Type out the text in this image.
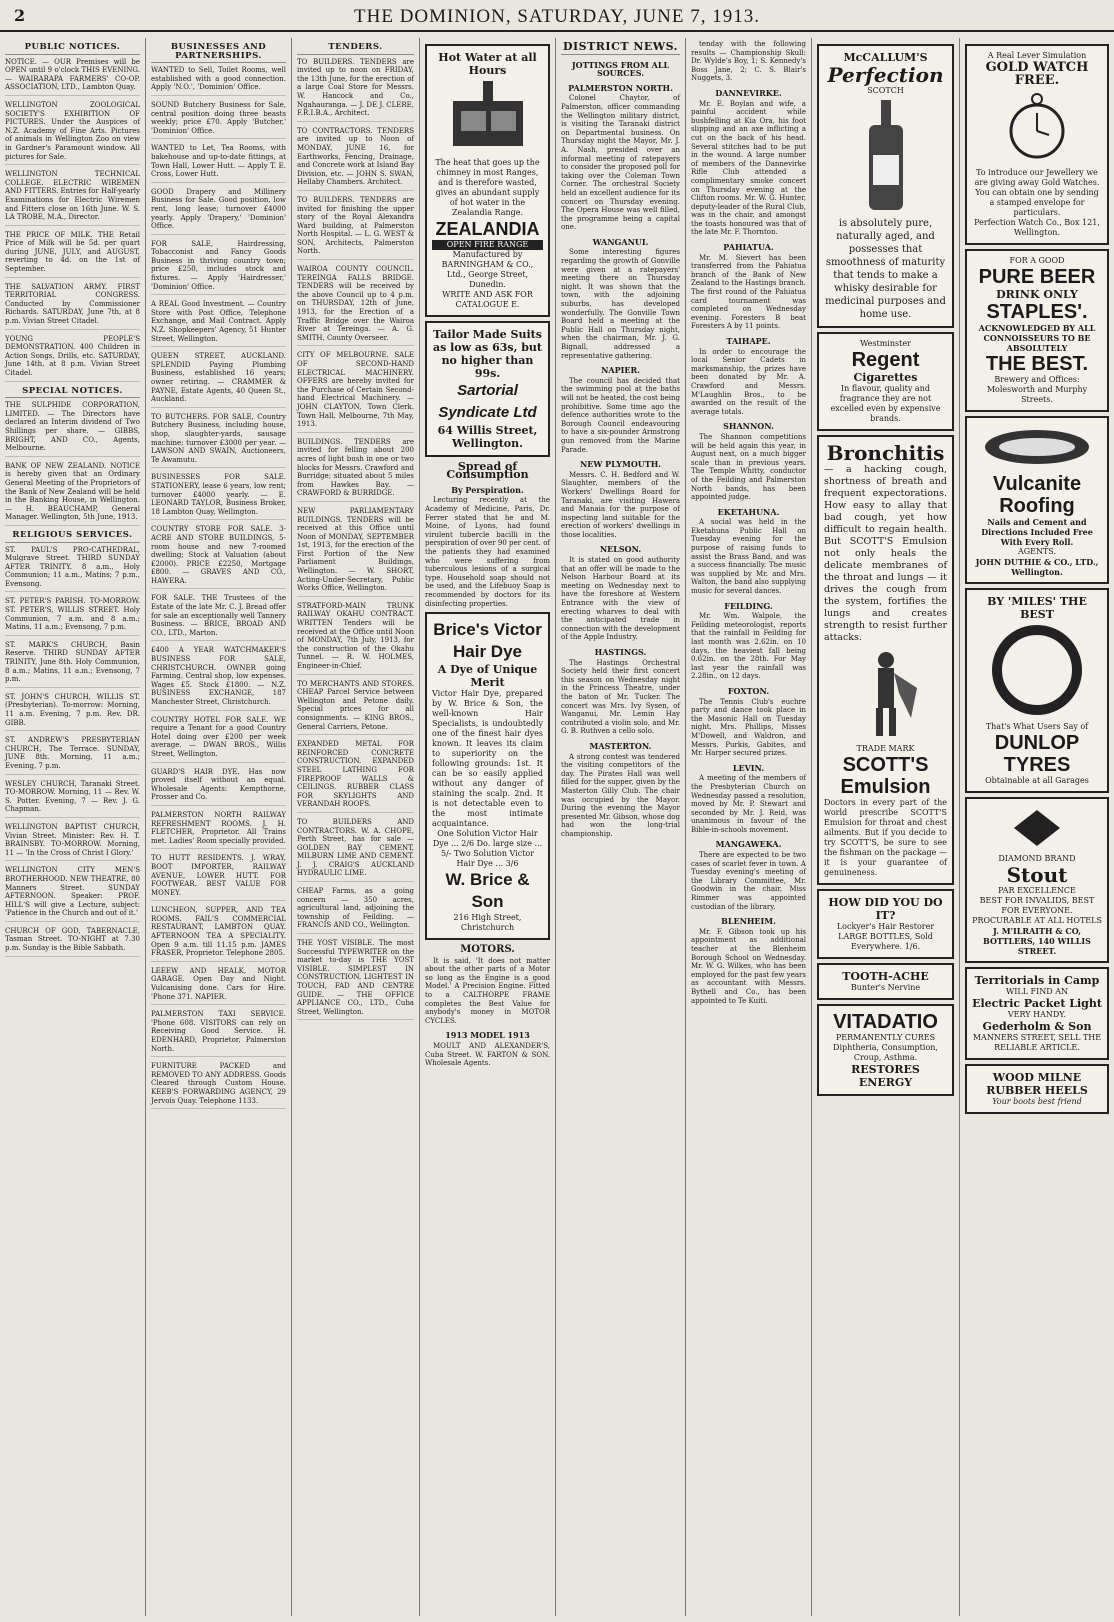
2	THE DOMINION, SATURDAY, JUNE 7, 1913.
PUBLIC NOTICES.
NOTICE. — OUR Premises will be OPEN until 9 o'clock THIS EVENING. — WAIRARAPA FARMERS' CO-OP. ASSOCIATION, LTD., Lambton Quay.
WELLINGTON ZOOLOGICAL SOCIETY'S EXHIBITION OF PICTURES. Under the Auspices of N.Z. Academy of Fine Arts. Pictures of animals in Wellington Zoo on view in Gardner's Paramount window. All pictures for Sale.
WELLINGTON TECHNICAL COLLEGE. ELECTRIC WIREMEN AND FITTERS. Entries for Half-yearly Examinations for Electric Wiremen and Fitters close on 16th June. W. S. LA TROBE, M.A., Director.
THE PRICE OF MILK. THE Retail Price of Milk will be 5d. per quart during JUNE, JULY, and AUGUST, reverting to 4d. on the 1st of September.
THE SALVATION ARMY. FIRST TERRITORIAL CONGRESS. Conducted by Commissioner Richards. SATURDAY, June 7th, at 8 p.m. Vivian Street Citadel.
YOUNG PEOPLE'S DEMONSTRATION. 400 Children in Action Songs, Drills, etc. SATURDAY, June 14th, at 8 p.m. Vivian Street Citadel.
SPECIAL NOTICES.
THE SULPHIDE CORPORATION, LIMITED. — The Directors have declared an Interim dividend of Two Shillings per share. — GIBBS, BRIGHT, AND CO., Agents, Melbourne.
BANK OF NEW ZEALAND. NOTICE is hereby given that an Ordinary General Meeting of the Proprietors of the Bank of New Zealand will be held in the Banking House, in Wellington. — H. BEAUCHAMP, General Manager. Wellington, 5th June, 1913.
RELIGIOUS SERVICES.
ST. PAUL'S PRO-CATHEDRAL, Mulgrave Street. THIRD SUNDAY AFTER TRINITY. 8 a.m., Holy Communion; 11 a.m., Matins; 7 p.m., Evensong.
ST. PETER'S PARISH. TO-MORROW. ST. PETER'S, WILLIS STREET. Holy Communion, 7 a.m. and 8 a.m.; Matins, 11 a.m.; Evensong, 7 p.m.
ST. MARK'S CHURCH, Basin Reserve. THIRD SUNDAY AFTER TRINITY, June 8th. Holy Communion, 8 a.m.; Matins, 11 a.m.; Evensong, 7 p.m.
ST. JOHN'S CHURCH, WILLIS ST. (Presbyterian). To-morrow: Morning, 11 a.m. Evening, 7 p.m. Rev. DR. GIBB.
ST. ANDREW'S PRESBYTERIAN CHURCH, The Terrace. SUNDAY, JUNE 8th. Morning, 11 a.m.; Evening, 7 p.m.
WESLEY CHURCH, Taranaki Street. TO-MORROW. Morning, 11 — Rev. W. S. Potter. Evening, 7 — Rev. J. G. Chapman.
WELLINGTON BAPTIST CHURCH, Vivian Street. Minister: Rev. H. T. BRAINSBY. TO-MORROW. Morning, 11 — 'In the Cross of Christ I Glory.'
WELLINGTON CITY MEN'S BROTHERHOOD. NEW THEATRE, 80 Manners Street. SUNDAY AFTERNOON. Speaker: PROF. HILL'S will give a Lecture, subject: 'Patience in the Church and out of it.'
CHURCH OF GOD, TABERNACLE, Tasman Street. TO-NIGHT at 7.30 p.m. Sunday is the Bible Sabbath.
BUSINESSES AND PARTNERSHIPS.
WANTED to Sell, Toilet Rooms, well established with a good connection. Apply 'N.O.', 'Dominion' Office.
SOUND Butchery Business for Sale, central position doing three beasts weekly; price £70. Apply 'Butcher,' 'Dominion' Office.
WANTED to Let, Tea Rooms, with bakehouse and up-to-date fittings, at Town Hall, Lower Hutt. — Apply T. E. Cross, Lower Hutt.
GOOD Drapery and Millinery Business for Sale. Good position, low rent, long lease; turnover £4000 yearly. Apply 'Drapery,' 'Dominion' Office.
FOR SALE, Hairdressing, Tobacconist and Fancy Goods Business in thriving country town; price £250, includes stock and fixtures. — Apply 'Hairdresser,' 'Dominion' Office.
A REAL Good Investment. — Country Store with Post Office, Telephone Exchange, and Mail Contract. Apply N.Z. Shopkeepers' Agency, 51 Hunter Street, Wellington.
QUEEN STREET, AUCKLAND. SPLENDID Paying Plumbing Business, established 16 years; owner retiring. — CRAMMER & PAYNE, Estate Agents, 40 Queen St., Auckland.
TO BUTCHERS. FOR SALE, Country Butchery Business, including house, shop, slaughter-yards, sausage machine; turnover £3000 per year. — LAWSON AND SWAIN, Auctioneers, Te Awamutu.
BUSINESSES FOR SALE. STATIONERY, lease 6 years, low rent; turnover £4000 yearly. — E. LEONARD TAYLOR, Business Broker, 18 Lambton Quay, Wellington.
COUNTRY STORE FOR SALE. 3-ACRE AND STORE BUILDINGS, 5-room house and new 7-roomed dwelling; Stock at Valuation (about £2000). PRICE £2250, Mortgage £800. — GRAVES AND CO., HAWERA.
FOR SALE. THE Trustees of the Estate of the late Mr. C. J. Bread offer for sale an exceptionally well Tannery Business. — BRICE, BROAD AND CO., LTD., Marton.
£400 A YEAR WATCHMAKER'S BUSINESS FOR SALE, CHRISTCHURCH. OWNER going Farming. Central shop, low expenses. Wages £5. Stock £1800. — N.Z. BUSINESS EXCHANGE, 187 Manchester Street, Christchurch.
COUNTRY HOTEL FOR SALE. WE require a Tenant for a good Country Hotel doing over £200 per week average. — DWAN BROS., Willis Street, Wellington.
GUARD'S HAIR DYE. Has now proved itself without an equal. Wholesale Agents: Kempthorne, Prosser and Co.
PALMERSTON NORTH RAILWAY REFRESHMENT ROOMS. J. H. FLETCHER, Proprietor. All Trains met. Ladies' Room specially provided.
TO HUTT RESIDENTS. J. WRAY, BOOT IMPORTER, RAILWAY AVENUE, LOWER HUTT. FOR FOOTWEAR. BEST VALUE FOR MONEY.
LUNCHEON, SUPPER, AND TEA ROOMS. FAIL'S COMMERCIAL RESTAURANT, LAMBTON QUAY. AFTERNOON TEA A SPECIALITY. Open 9 a.m. till 11.15 p.m. JAMES FRASER, Proprietor. Telephone 2805.
LEEEW AND HEALK, MOTOR GARAGE. Open Day and Night. Vulcanising done. Cars for Hire. 'Phone 371. NAPIER.
PALMERSTON TAXI SERVICE. 'Phone 608. VISITORS can rely on Receiving Good Service. H. EDENHARD, Proprietor, Palmerston North.
FURNITURE PACKED and REMOVED TO ANY ADDRESS. Goods Cleared through Custom House. KEEB'S FORWARDING AGENCY, 29 Jervois Quay. Telephone 1133.
TENDERS.
TO BUILDERS. TENDERS are invited up to noon on FRIDAY, the 13th June, for the erection of a large Coal Store for Messrs. W. Hancock and Co., Ngahauranga. — J. DE J. CLERE, F.R.I.B.A., Architect.
TO CONTRACTORS. TENDERS are invited up to Noon of MONDAY, JUNE 16, for Earthworks, Fencing, Drainage, and Concrete work at Island Bay Division, etc. — JOHN S. SWAN, Hellaby Chambers. Architect.
TO BUILDERS. TENDERS are invited for finishing the upper story of the Royal Alexandra Ward building, at Palmerston North Hospital. — L. G. WEST & SON, Architects, Palmerston North.
WAIROA COUNTY COUNCIL. TEREINGA FALLS BRIDGE. TENDERS will be received by the above Council up to 4 p.m. on THURSDAY, 12th of June, 1913, for the Erection of a Traffic Bridge over the Wairoa River at Tereinga. — A. G. SMITH, County Overseer.
CITY OF MELBOURNE. SALE OF SECOND-HAND ELECTRICAL MACHINERY. OFFERS are hereby invited for the Purchase of Certain Second-hand Electrical Machinery. — JOHN CLAYTON, Town Clerk. Town Hall, Melbourne, 7th May, 1913.
BUILDINGS. TENDERS are invited for felling about 200 acres of light bush in one or two blocks for Messrs. Crawford and Burridge; situated about 5 miles from Hawkes Bay. — CRAWFORD & BURRIDGE.
NEW PARLIAMENTARY BUILDINGS. TENDERS will be received at this Office until Noon of MONDAY, SEPTEMBER 1st, 1913, for the erection of the First Portion of the New Parliament Buildings, Wellington. — W. SHORT, Acting-Under-Secretary, Public Works Office, Wellington.
STRATFORD-MAIN TRUNK RAILWAY OKAHU CONTRACT. WRITTEN Tenders will be received at the Office until Noon of MONDAY, 7th July, 1913, for the construction of the Okahu Tunnel. — R. W. HOLMES, Engineer-in-Chief.
TO MERCHANTS AND STORES. CHEAP Parcel Service between Wellington and Petone daily. Special prices for all consignments. — KING BROS., General Carriers, Petone.
EXPANDED METAL FOR REINFORCED CONCRETE CONSTRUCTION. EXPANDED STEEL LATHING FOR FIREPROOF WALLS & CEILINGS. RUBBER CLASS FOR SKYLIGHTS AND VERANDAH ROOFS.
TO BUILDERS AND CONTRACTORS. W. A. CHOPE, Perth Street, has for sale — GOLDEN BAY CEMENT, MILBURN LIME AND CEMENT. J. J. CRAIG'S AUCKLAND HYDRAULIC LIME.
CHEAP Farms, as a going concern — 350 acres, agricultural land, adjoining the township of Feilding. — FRANCIS AND CO., Wellington.
THE YOST VISIBLE. The most Successful TYPEWRITER on the market to-day is THE YOST VISIBLE. SIMPLEST IN CONSTRUCTION, LIGHTEST IN TOUCH, FAD AND CENTRE GUIDE. — THE OFFICE APPLIANCE CO., LTD., Cuba Street, Wellington.
Hot Water at all Hours
The heat that goes up the chimney in most Ranges, and is therefore wasted, gives an abundant supply of hot water in the Zealandia Range.
ZEALANDIA
OPEN FIRE RANGE
Manufactured by BARNINGHAM & CO., Ltd., George Street, Dunedin.
WRITE AND ASK FOR CATALOGUE E.
Tailor Made Suits
as low as 63s, but
no higher than 99s.
Sartorial Syndicate Ltd
64 Willis Street,
Wellington.
Spread of Consumption
By Perspiration.
Lecturing recently at the Academy of Medicine, Paris, Dr. Ferrer stated that he and M. Moine, of Lyons, had found virulent tubercle bacilli in the perspiration of over 90 per cent. of the patients they had examined who were suffering from tuberculous lesions of a surgical type. Household soap should not be used, and the Lifebuoy Soap is recommended by doctors for its disinfecting properties.
Brice's Victor Hair Dye
A Dye of Unique Merit
Victor Hair Dye, prepared by W. Brice & Son, the well-known Hair Specialists, is undoubtedly one of the finest hair dyes known. It leaves its claim to superiority on the following grounds: 1st. It can be so easily applied without any danger of staining the scalp. 2nd. It is not detectable even to the most intimate acquaintance.
One Solution Victor Hair Dye ... 2/6 Do. large size ... 5/- Two Solution Victor Hair Dye ... 3/6
W. Brice & Son
216 High Street, Christchurch
MOTORS.
It is said, 'It does not matter about the other parts of a Motor so long as the Engine is a good Model.' A Precision Engine. Fitted to a CALTHORPE FRAME completes the Best Value for anybody's money in MOTOR CYCLES.
1913 MODEL 1913
MOULT AND ALEXANDER'S, Cuba Street. W. FARTON & SON. Wholesale Agents.
DISTRICT NEWS.
JOTTINGS FROM ALL SOURCES.
PALMERSTON NORTH.
Colonel Chaytor, of Palmerston, officer commanding the Wellington military district, is visiting the Taranaki district on Departmental business. On Thursday night the Mayor, Mr. J. A. Nash, presided over an informal meeting of ratepayers to consider the proposed poll for taking over the Coleman Town Corner. The orchestral Society held an excellent audience for its concert on Thursday evening. The Opera House was well filled, the programme being a capital one.
WANGANUI.
Some interesting figures regarding the growth of Gonville were given at a ratepayers' meeting there on Thursday night. It was shown that the town, with the adjoining suburbs, has developed wonderfully. The Gonville Town Board held a meeting at the Public Hall on Thursday night, when the chairman, Mr. J. G. Bignall, addressed a representative gathering.
NAPIER.
The council has decided that the swimming pool at the baths will not be heated, the cost being prohibitive. Some time ago the defence authorities wrote to the Borough Council endeavouring to have a six-pounder Armstrong gun removed from the Marine Parade.
NEW PLYMOUTH.
Messrs. C. H. Bedford and W. Slaughter, members of the Workers' Dwellings Board for Taranaki, are visiting Hawera and Manaia for the purpose of inspecting land suitable for the erection of workers' dwellings in those localities.
NELSON.
It is stated on good authority that an offer will be made to the Nelson Harbour Board at its meeting on Wednesday next to have the foreshore at Western Entrance with the view of erecting wharves to deal with the anticipated trade in connection with the development of the Apple Industry.
HASTINGS.
The Hastings Orchestral Society held their first concert this season on Wednesday night in the Princess Theatre, under the baton of Mr. Tucker. The concert was Mrs. Ivy Sysen, of Wanganui, Mr. Lemin Hay contributed a violin solo, and Mr. G. B. Ruthven a cello solo.
MASTERTON.
A strong contest was tendered the visiting competitors of the day. The Pirates Hall was well filled for the supper, given by the Masterton Gilly Club. The chair was occupied by the Mayor. During the evening the Mayor presented Mr. Gibson, whose dog had won the long-trial championship.
tenday with the following results — Championship Skull: Dr. Wylde's Boy, 1; S. Kennedy's Boss Jane, 2; C. S. Blair's Nuggets, 3.
DANNEVIRKE.
Mr. E. Boylan and wife, a painful accident while bushfelling at Kia Ora, his foot slipping and an axe inflicting a cut on the back of his head. Several stitches had to be put in the wound. A large number of members of the Dannevirke Rifle Club attended a complimentary smoke concert on Thursday evening at the Clifton rooms. Mr. W. G. Hunter, deputy-leader of the Rural Club, was in the chair, and amongst the toasts honoured was that of the late Mr. F. Thornton.
PAHIATUA.
Mr. M. Sievert has been transferred from the Pahiatua branch of the Bank of New Zealand to the Hastings branch. The first round of the Pahiatua card tournament was completed on Wednesday evening. Foresters B beat Foresters A by 11 points.
TAIHAPE.
In order to encourage the local Senior Cadets in marksmanship, the prizes have been donated by Mr. A. Crawford and Messrs. M'Laughlin Bros., to be awarded on the result of the average totals.
SHANNON.
The Shannon competitions will be held again this year, in August next, on a much bigger scale than in previous years. The Temple Whitty, conductor of the Feilding and Palmerston North bands, has been appointed judge.
EKETAHUNA.
A social was held in the Eketahuna Public Hall on Tuesday evening for the purpose of raising funds to assist the Brass Band, and was a success financially. The music was supplied by Mr. and Mrs. Walton, the band also supplying music for several dances.
FEILDING.
Mr. Wm. Walpole, the Feilding meteorologist, reports that the rainfall in Feilding for last month was 2.62in. on 10 days, the heaviest fall being 0.62in. on the 28th. For May last year the rainfall was 2.28in., on 12 days.
FOXTON.
The Tennis Club's euchre party and dance took place in the Masonic Hall on Tuesday night. Mrs. Phillips, Misses M'Dowell, and Waldron, and Messrs. Purkis, Gabites, and Mr. Harper secured prizes.
LEVIN.
A meeting of the members of the Presbyterian Church on Wednesday passed a resolution, moved by Mr. P. Stewart and seconded by Mr. J. Reid, was unanimous in favour of the Bible-in-schools movement.
MANGAWEKA.
There are expected to be two cases of scarlet fever in town. A Tuesday evening's meeting of the Library Committee, Mr. Goodwin in the chair, Miss Rimmer was appointed custodian of the library.
BLENHEIM.
Mr. F. Gibson took up his appointment as additional teacher at the Blenheim Borough School on Wednesday. Mr. W. G. Wilkes, who has been employed for the past few years as accountant with Messrs. Bythell and Co., has been appointed to Te Kuiti.
McCALLUM'S
Perfection
SCOTCH
is absolutely pure, naturally aged, and possesses that smoothness of maturity that tends to make a whisky desirable for medicinal purposes and home use.
Westminster
Regent
Cigarettes
In flavour, quality and fragrance they are not excelled even by expensive brands.
Bronchitis
— a hacking cough, shortness of breath and frequent expectorations. How easy to allay that bad cough, yet how difficult to regain health. But SCOTT'S Emulsion not only heals the delicate membranes of the throat and lungs — it drives the cough from the system, fortifies the lungs and creates strength to resist further attacks.
TRADE MARK
SCOTT'S Emulsion
Doctors in every part of the world prescribe SCOTT'S Emulsion for throat and chest ailments. But if you decide to try SCOTT'S, be sure to see the fishman on the package — it is your guarantee of genuineness.
HOW DID YOU DO IT?
Lockyer's Hair Restorer
LARGE BOTTLES, Sold Everywhere. 1/6.
TOOTH-ACHE
Bunter's Nervine
VITADATIO
PERMANENTLY CURES Diphtheria, Consumption, Croup, Asthma.
RESTORES ENERGY
A Real Lever Simulation
GOLD WATCH FREE.
To introduce our Jewellery we are giving away Gold Watches. You can obtain one by sending a stamped envelope for particulars.
Perfection Watch Co., Box 121, Wellington.
FOR A GOOD
PURE BEER
DRINK ONLY
STAPLES'.
ACKNOWLEDGED BY ALL CONNOISSEURS TO BE ABSOLUTELY
THE BEST.
Brewery and Offices: Molesworth and Murphy Streets.
Vulcanite Roofing
Nails and Cement and Directions Included Free With Every Roll.
AGENTS.
JOHN DUTHIE & CO., LTD., Wellington.
BY 'MILES' THE BEST
That's What Users Say of
DUNLOP TYRES
Obtainable at all Garages
DIAMOND BRAND
Stout
PAR EXCELLENCE
BEST FOR INVALIDS, BEST FOR EVERYONE.
PROCURABLE AT ALL HOTELS
J. M'ILRAITH & CO, BOTTLERS, 140 WILLIS STREET.
Territorials in Camp
WILL FIND AN
Electric Packet Light
VERY HANDY.
Gederholm & Son
MANNERS STREET, SELL THE RELIABLE ARTICLE.
WOOD MILNE RUBBER HEELS
Your boots best friend
